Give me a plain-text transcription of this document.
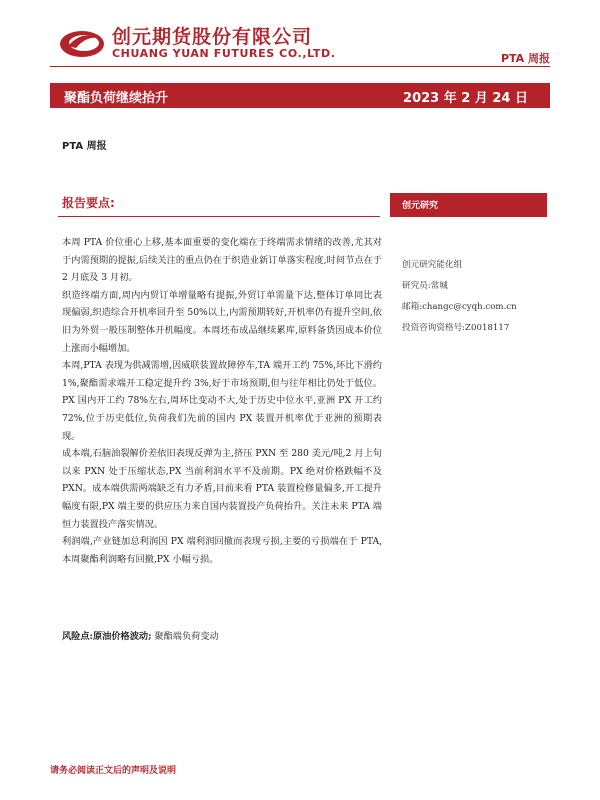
创元期货股份有限公司
CHUANG YUAN FUTURES CO.,LTD.	PTA 周报
聚酯负荷继续抬升	2023 年 2 月 24 日
PTA 周报
报告要点:

本周 PTA 价位重心上移,基本面重要的变化端在于终端需求情绪的改善,尤其对于内需预期的提振,后续关注的重点仍在于织造业新订单落实程度,时间节点在于 2 月底及 3 月初。

织造终端方面,周内内贸订单增量略有提振,外贸订单需量下达,整体订单同比表现偏弱,织造综合开机率回升至 50%以上,内需预期转好,开机率仍有提升空间,依旧为外贸一般压制整体开机幅度。本周坯布成品继续累库,原料备货因成本价位上涨而小幅增加。

本周,PTA 表现为供减需增,因威联装置故障停车,TA 端开工约 75%,环比下滑约 1%,聚酯需求端开工稳定提升约 3%,好于市场预期,但与往年相比仍处于低位。PX 国内开工约 78%左右,周环比变动不大,处于历史中位水平,亚洲 PX 开工约 72%,位于历史低位,负荷我们先前的国内 PX 装置开机率优于亚洲的预期表现。

成本端,石脑油裂解价差依旧表现反弹为主,挤压 PXN 至 280 美元/吨,2 月上旬以来 PXN 处于压缩状态,PX 当前利润水平不及前期。PX 绝对价格跌幅不及 PXN。成本端供需两端缺乏有力矛盾,目前来看 PTA 装置检修量偏多,开工提升幅度有限,PX 端主要的供应压力来自国内装置投产负荷抬升。关注未来 PTA 端恒力装置投产落实情况。

利润端,产业链加总利润因 PX 端利润回撤而表现亏损,主要的亏损端在于 PTA,本周聚酯利润略有回撤,PX 小幅亏损。

风险点:原油价格波动; 聚酯端负荷变动
创元研究
创元研究能化组
研究员:常城
邮箱:changc@cyqh.com.cn
投资咨询资格号:Z0018117
请务必阅读正文后的声明及说明
